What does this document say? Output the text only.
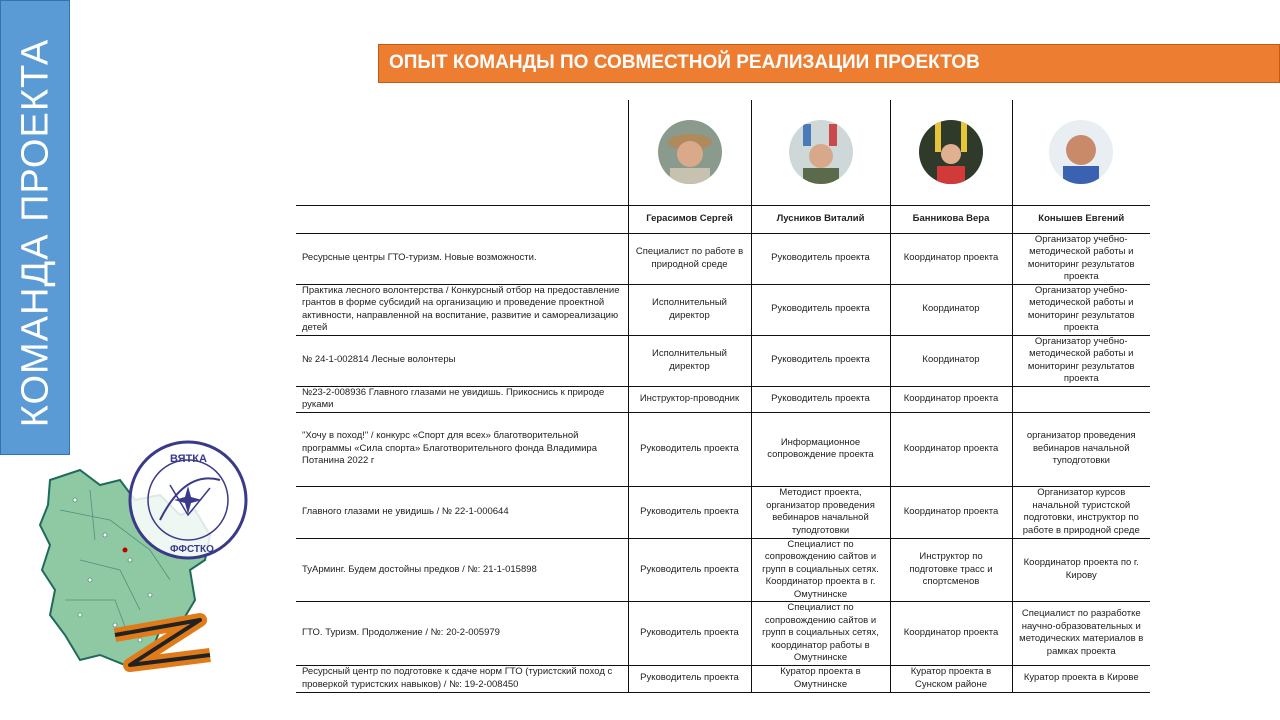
КОМАНДА ПРОЕКТА	ОПЫТ КОМАНДЫ ПО СОВМЕСТНОЙ РЕАЛИЗАЦИИ ПРОЕКТОВ
ВЯТКА
ФФСТКО

	Герасимов Сергей	Лусников Виталий	Банникова Вера	Конышев Евгений
Ресурсные центры ГТО-туризм. Новые возможности.	Специалист по работе в природной среде	Руководитель проекта	Координатор проекта	Организатор учебно-методической работы и мониторинг результатов проекта
Практика лесного волонтерства / Конкурсный отбор на предоставление грантов в форме субсидий на организацию и проведение проектной активности, направленной на воспитание, развитие и самореализацию детей	Исполнительный директор	Руководитель проекта	Координатор	Организатор учебно-методической работы и мониторинг результатов проекта
№ 24-1-002814 Лесные волонтеры	Исполнительный директор	Руководитель проекта	Координатор	Организатор учебно-методической работы и мониторинг результатов проекта
№23-2-008936 Главного глазами не увидишь. Прикоснись к природе руками	Инструктор-проводник	Руководитель проекта	Координатор проекта	
"Хочу в поход!" / конкурс «Спорт для всех» благотворительной программы «Сила спорта» Благотворительного фонда Владимира Потанина 2022 г	Руководитель проекта	Информационное сопровождение проекта	Координатор проекта	организатор проведения вебинаров начальной туподготовки
Главного глазами не увидишь / № 22-1-000644	Руководитель проекта	Методист проекта, организатор проведения вебинаров начальной туподготовки	Координатор проекта	Организатор курсов начальной туристской подготовки, инструктор по работе в природной среде
ТуАрминг. Будем достойны предков / №: 21-1-015898	Руководитель проекта	Специалист по сопровождению сайтов и групп в социальных сетях. Координатор проекта в г. Омутнинске	Инструктор по подготовке трасс и спортсменов	Координатор проекта по г. Кирову
ГТО. Туризм. Продолжение / №: 20-2-005979	Руководитель проекта	Специалист по сопровождению сайтов и групп в социальных сетях, координатор работы в Омутнинске	Координатор проекта	Специалист по разработке научно-образовательных и методических материалов в рамках проекта
Ресурсный центр по подготовке к сдаче норм ГТО (туристский поход с проверкой туристских навыков) / №: 19-2-008450	Руководитель проекта	Куратор проекта в Омутнинске	Куратор проекта в Сунском районе	Куратор проекта в Кирове
